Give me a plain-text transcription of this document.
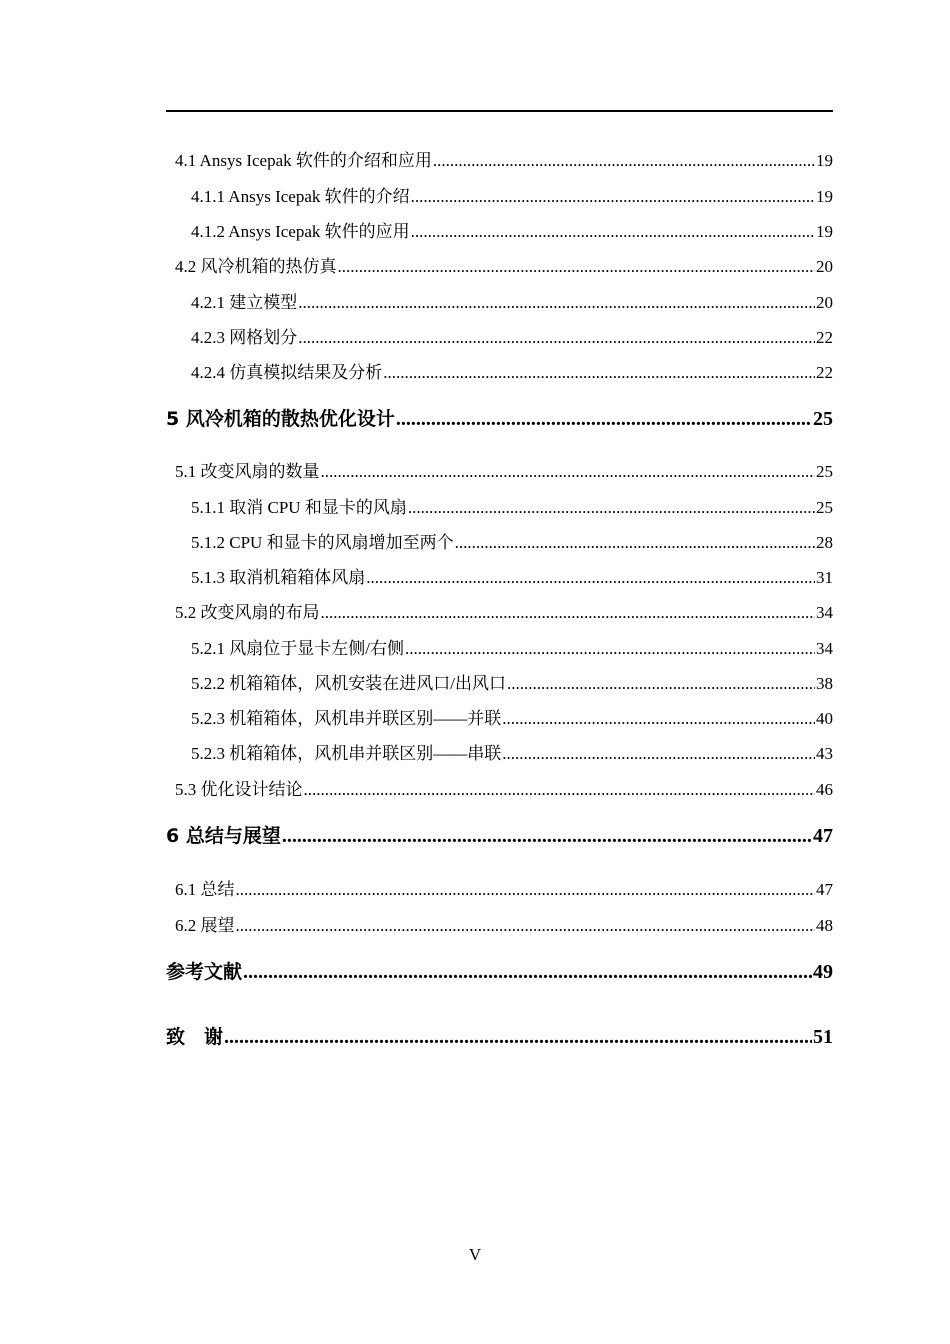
4.1 Ansys Icepak 软件的介绍和应用 .....	19
4.1.1 Ansys Icepak 软件的介绍 .....	19
4.1.2 Ansys Icepak 软件的应用 .....	19
4.2 风冷机箱的热仿真 .....	20
4.2.1 建立模型 .....	20
4.2.3 网格划分 .....	22
4.2.4 仿真模拟结果及分析 .....	22
5 风冷机箱的散热优化设计 .....	25
5.1 改变风扇的数量 .....	25
5.1.1 取消 CPU 和显卡的风扇 .....	25
5.1.2 CPU 和显卡的风扇增加至两个 .....	28
5.1.3 取消机箱箱体风扇 .....	31
5.2 改变风扇的布局 .....	34
5.2.1 风扇位于显卡左侧/右侧 .....	34
5.2.2 机箱箱体，风机安装在进风口/出风口 .....	38
5.2.3 机箱箱体，风机串并联区别——并联 .....	40
5.2.3 机箱箱体，风机串并联区别——串联 .....	43
5.3 优化设计结论 .....	46
6 总结与展望 .....	47
6.1 总结 .....	47
6.2 展望 .....	48
参考文献 .....	49
致　谢 .....	51
V
